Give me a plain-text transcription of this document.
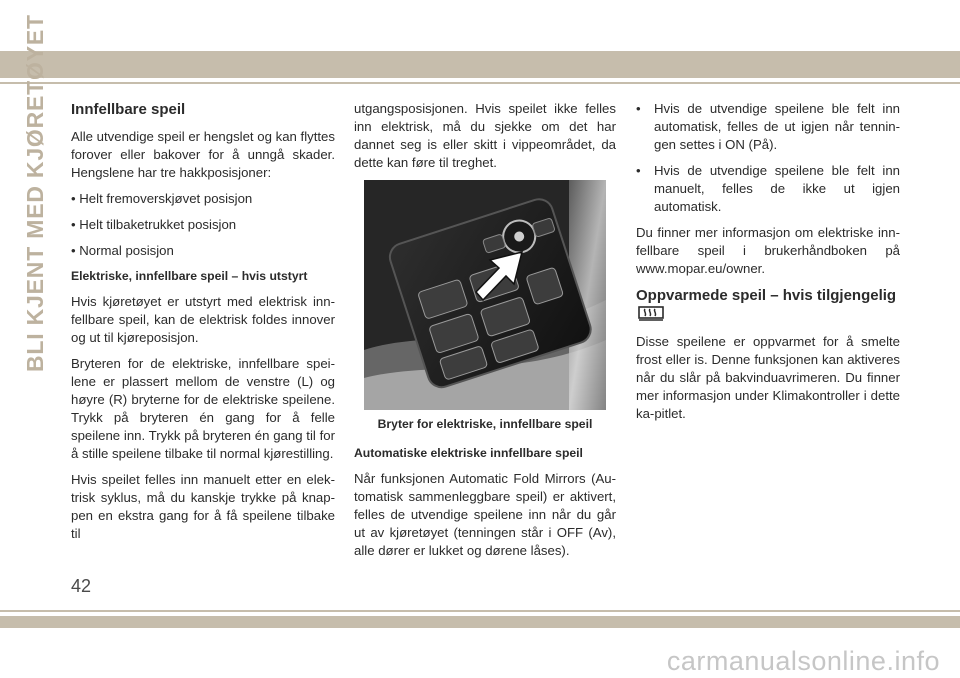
BLI KJENT MED KJØRETØYET Innfellbare speil

Alle utvendige speil er hengslet og kan flyttes forover eller bakover for å unngå skader. Hengslene har tre hakkposisjoner:

• Helt fremoverskjøvet posisjon
• Helt tilbaketrukket posisjon
• Normal posisjon
Elektriske, innfellbare speil – hvis utstyrt

Hvis kjøretøyet er utstyrt med elektrisk inn-fellbare speil, kan de elektrisk foldes innover og ut til kjøreposisjon.

Bryteren for de elektriske, innfellbare spei-lene er plassert mellom de venstre (L) og høyre (R) bryterne for de elektriske speilene. Trykk på bryteren én gang for å felle speilene inn. Trykk på bryteren én gang til for å stille speilene tilbake til normal kjørestilling.

Hvis speilet felles inn manuelt etter en elek-trisk syklus, må du kanskje trykke på knap-pen en ekstra gang for å få speilene tilbake til

utgangsposisjonen. Hvis speilet ikke felles inn elektrisk, må du sjekke om det har dannet seg is eller skitt i vippeområdet, da dette kan føre til treghet.

Bryter for elektriske, innfellbare speil
Automatiske elektriske innfellbare speil

Når funksjonen Automatic Fold Mirrors (Au-tomatisk sammenleggbare speil) er aktivert, felles de utvendige speilene inn når du går ut av kjøretøyet (tenningen står i OFF (Av), alle dører er lukket og dørene låses).

•	Hvis de utvendige speilene ble felt inn automatisk, felles de ut igjen når tennin-gen settes i ON (På).
•	Hvis de utvendige speilene ble felt inn manuelt, felles de ikke ut igjen automatisk.

Du finner mer informasjon om elektriske inn-fellbare speil i brukerhåndboken på www.mopar.eu/owner.

Oppvarmede speil – hvis tilgjengelig

Disse speilene er oppvarmet for å smelte frost eller is. Denne funksjonen kan aktiveres når du slår på bakvinduavrimeren. Du finner mer informasjon under Klimakontroller i dette ka-pitlet.

42
carmanualsonline.info
